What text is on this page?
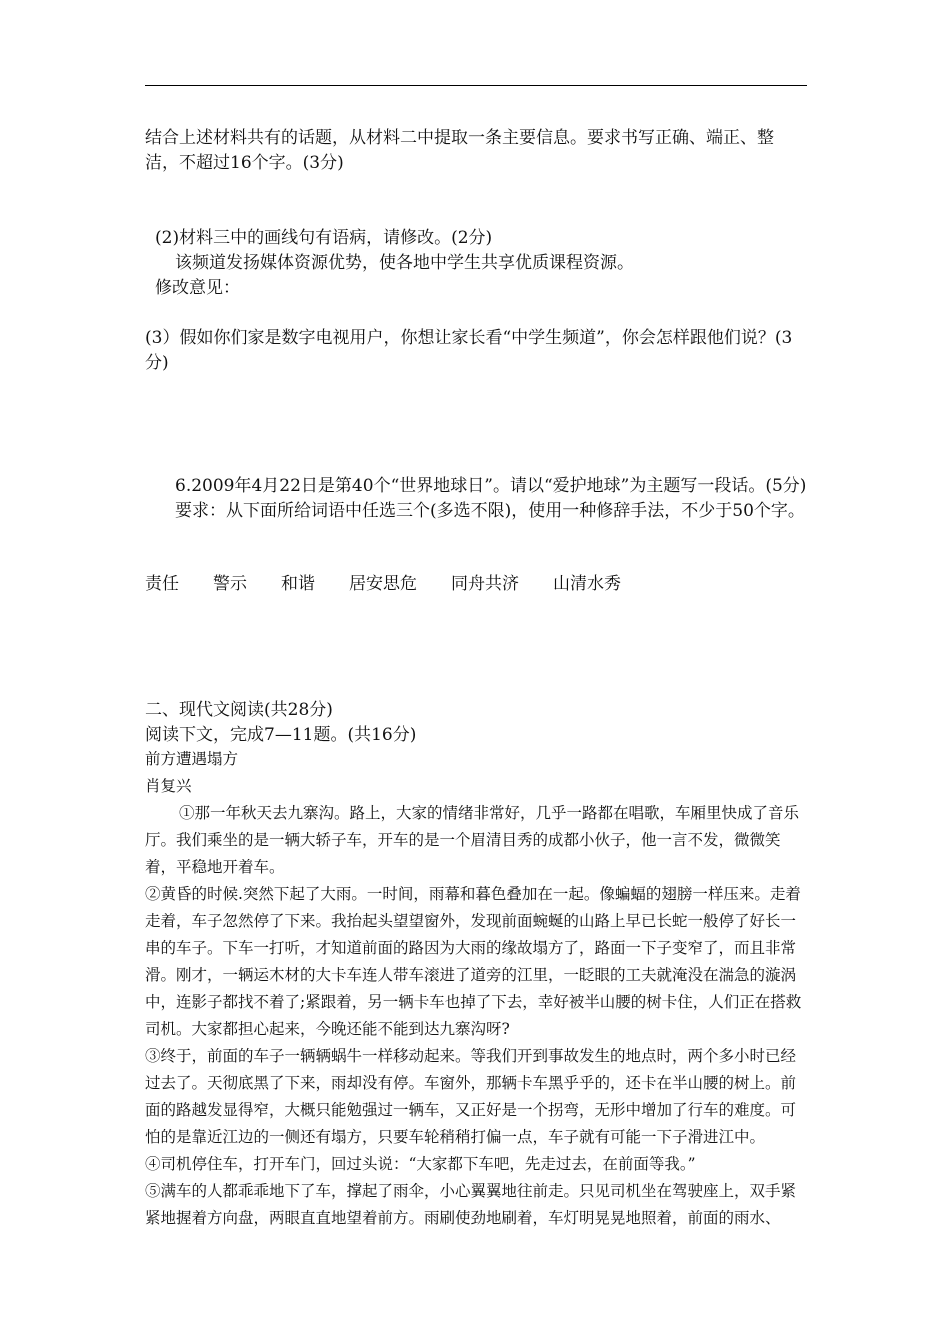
结合上述材料共有的话题，从材料二中提取一条主要信息。要求书写正确、端正、整洁，不超过16个字。(3分)

(2)材料三中的画线句有语病，请修改。(2分)

该频道发扬媒体资源优势，使各地中学生共享优质课程资源。

修改意见：

(3）假如你们家是数字电视用户，你想让家长看“中学生频道”，你会怎样跟他们说？(3分)

6.2009年4月22日是第40个“世界地球日”。请以“爱护地球”为主题写一段话。(5分)

要求：从下面所给词语中任选三个(多选不限)，使用一种修辞手法，不少于50个字。

责任 警示 和谐 居安思危 同舟共济 山清水秀

二、现代文阅读(共28分)

阅读下文，完成7—11题。(共16分)

前方遭遇塌方

肖复兴

①那一年秋天去九寨沟。路上，大家的情绪非常好，几乎一路都在唱歌，车厢里快成了音乐厅。我们乘坐的是一辆大轿子车，开车的是一个眉清目秀的成都小伙子，他一言不发，微微笑着，平稳地开着车。

②黄昏的时候.突然下起了大雨。一时间，雨幕和暮色叠加在一起。像蝙蝠的翅膀一样压来。走着走着，车子忽然停了下来。我抬起头望望窗外，发现前面蜿蜒的山路上早已长蛇一般停了好长一串的车子。下车一打听，才知道前面的路因为大雨的缘故塌方了，路面一下子变窄了，而且非常滑。刚才，一辆运木材的大卡车连人带车滚进了道旁的江里，一眨眼的工夫就淹没在湍急的漩涡中，连影子都找不着了;紧跟着，另一辆卡车也掉了下去，幸好被半山腰的树卡住，人们正在搭救司机。大家都担心起来，今晚还能不能到达九寨沟呀?

③终于，前面的车子一辆辆蜗牛一样移动起来。等我们开到事故发生的地点时，两个多小时已经过去了。天彻底黑了下来，雨却没有停。车窗外，那辆卡车黑乎乎的，还卡在半山腰的树上。前面的路越发显得窄，大概只能勉强过一辆车，又正好是一个拐弯，无形中增加了行车的难度。可怕的是靠近江边的一侧还有塌方，只要车轮稍稍打偏一点，车子就有可能一下子滑进江中。

④司机停住车，打开车门，回过头说：“大家都下车吧，先走过去，在前面等我。”

⑤满车的人都乖乖地下了车，撑起了雨伞，小心翼翼地往前走。只见司机坐在驾驶座上，双手紧紧地握着方向盘，两眼直直地望着前方。雨刷使劲地刷着，车灯明晃晃地照着，前面的雨水、
